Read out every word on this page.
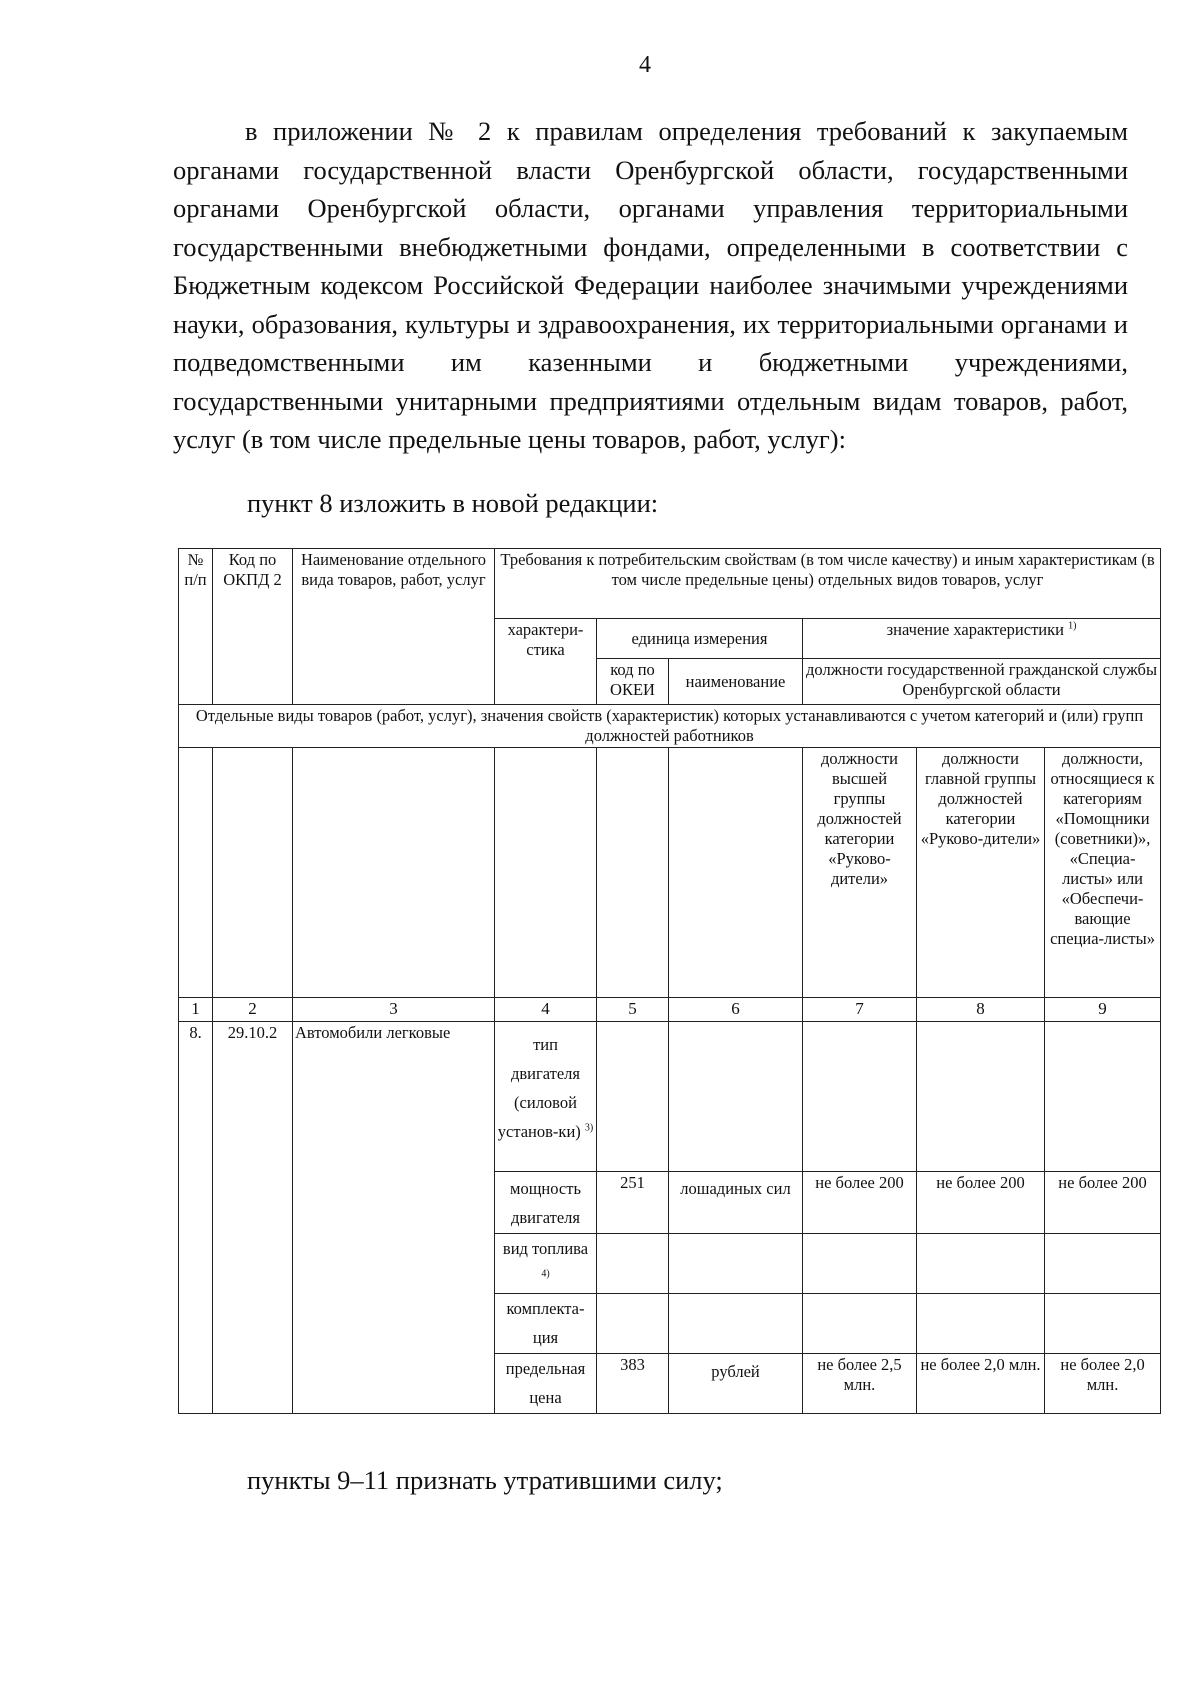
4

в приложении № 2 к правилам определения требований к закупаемым органами государственной власти Оренбургской области, государственными органами Оренбургской области, органами управления территориальными государственными внебюджетными фондами, определенными в соответствии с Бюджетным кодексом Российской Федерации наиболее значимыми учреждениями науки, образования, культуры и здравоохранения, их территориальными органами и подведомственными им казенными и бюджетными учреждениями, государственными унитарными предприятиями отдельным видам товаров, работ, услуг (в том числе предельные цены товаров, работ, услуг):

пункт 8 изложить в новой редакции:
№ п/п	Код по ОКПД 2	Наименование отдельного вида товаров, работ, услуг	Требования к потребительским свойствам (в том числе качеству) и иным характеристикам (в том числе предельные цены) отдельных видов товаров, услуг					
			характери-стика	единица измерения		значение характеристики $^{1)}$
				код по ОКЕИ	наименование	должности государственной гражданской службы Оренбургской области		
Отдельные виды товаров (работ, услуг), значения свойств (характеристик) которых устанавливаются с учетом категорий и (или) групп должностей работников								
						должности высшей группы должностей категории «Руково-дители»	должности главной группы должностей категории «Руково-дители»	должности, относящиеся к категориям «Помощники (советники)», «Специа-листы» или «Обеспечи-вающие специа-листы»
1	2	3	4	5	6	7	8	9
8.	29.10.2	Автомобили легковые	тип двигателя (силовой установ-ки) $^{3)}$					
			мощность двигателя	251	лошадиных сил	не более 200	не более 200	не более 200
			вид топлива $^{4)}$					
			комплекта-ция					
			предельная цена	383	рублей	не более 2,5 млн.	не более 2,0 млн.	не более 2,0 млн.
пункты 9–11 признать утратившими силу;
